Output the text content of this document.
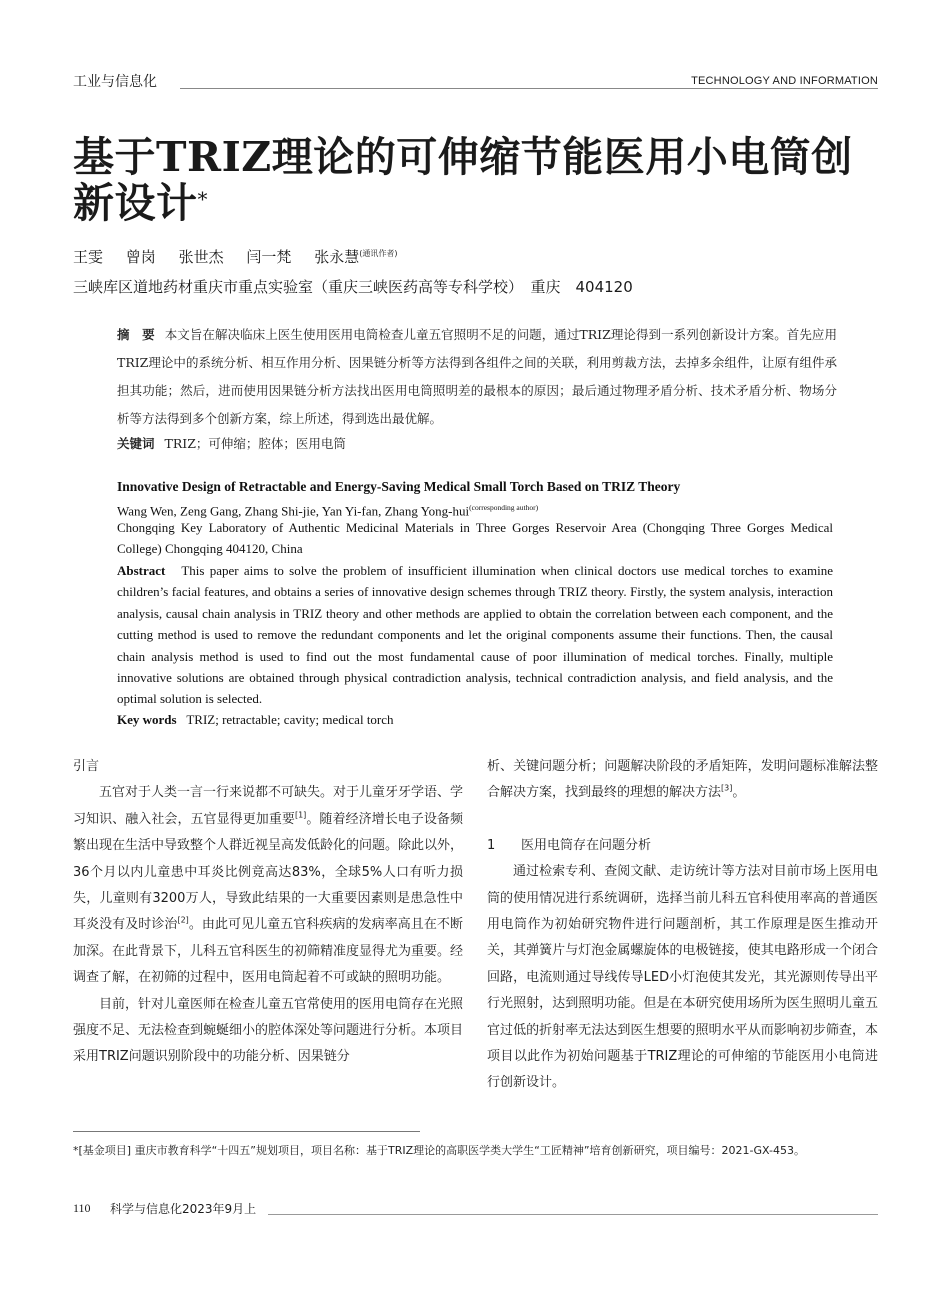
工业与信息化	TECHNOLOGY AND INFORMATION
基于TRIZ理论的可伸缩节能医用小电筒创新设计*
王雯 曾岗 张世杰 闫一梵 张永慧$^{(通讯作者)}$
三峡库区道地药材重庆市重点实验室（重庆三峡医药高等专科学校）　重庆　404120
摘　要 本文旨在解决临床上医生使用医用电筒检查儿童五官照明不足的问题，通过TRIZ理论得到一系列创新设计方案。首先应用TRIZ理论中的系统分析、相互作用分析、因果链分析等方法得到各组件之间的关联，利用剪裁方法，去掉多余组件，让原有组件承担其功能；然后，进而使用因果链分析方法找出医用电筒照明差的最根本的原因；最后通过物理矛盾分析、技术矛盾分析、物场分析等方法得到多个创新方案，综上所述，得到选出最优解。
关键词 TRIZ；可伸缩；腔体；医用电筒
Innovative Design of Retractable and Energy-Saving Medical Small Torch Based on TRIZ Theory
Wang Wen, Zeng Gang, Zhang Shi-jie, Yan Yi-fan, Zhang Yong-hui$^{(corresponding author)}$
Chongqing Key Laboratory of Authentic Medicinal Materials in Three Gorges Reservoir Area (Chongqing Three Gorges Medical College) Chongqing 404120, China
Abstract This paper aims to solve the problem of insufficient illumination when clinical doctors use medical torches to examine children’s facial features, and obtains a series of innovative design schemes through TRIZ theory. Firstly, the system analysis, interaction analysis, causal chain analysis in TRIZ theory and other methods are applied to obtain the correlation between each component, and the cutting method is used to remove the redundant components and let the original components assume their functions. Then, the causal chain analysis method is used to find out the most fundamental cause of poor illumination of medical torches. Finally, multiple innovative solutions are obtained through physical contradiction analysis, technical contradiction analysis, and field analysis, and the optimal solution is selected.
Key words TRIZ; retractable; cavity; medical torch
引言

五官对于人类一言一行来说都不可缺失。对于儿童牙牙学语、学习知识、融入社会，五官显得更加重要[1]。随着经济增长电子设备频繁出现在生活中导致整个人群近视呈高发低龄化的问题。除此以外，36个月以内儿童患中耳炎比例竟高达83%，全球5%人口有听力损失，儿童则有3200万人，导致此结果的一大重要因素则是患急性中耳炎没有及时诊治[2]。由此可见儿童五官科疾病的发病率高且在不断加深。在此背景下，儿科五官科医生的初筛精准度显得尤为重要。经调查了解，在初筛的过程中，医用电筒起着不可或缺的照明功能。

目前，针对儿童医师在检查儿童五官常使用的医用电筒存在光照强度不足、无法检查到蜿蜒细小的腔体深处等问题进行分析。本项目采用TRIZ问题识别阶段中的功能分析、因果链分

析、关键问题分析；问题解决阶段的矛盾矩阵，发明问题标准解法整合解决方案，找到最终的理想的解决方法[3]。

1 医用电筒存在问题分析

通过检索专利、查阅文献、走访统计等方法对目前市场上医用电筒的使用情况进行系统调研，选择当前儿科五官科使用率高的普通医用电筒作为初始研究物件进行问题剖析，其工作原理是医生推动开关，其弹簧片与灯泡金属螺旋体的电极链接，使其电路形成一个闭合回路，电流则通过导线传导LED小灯泡使其发光，其光源则传导出平行光照射，达到照明功能。但是在本研究使用场所为医生照明儿童五官过低的折射率无法达到医生想要的照明水平从而影响初步筛查，本项目以此作为初始问题基于TRIZ理论的可伸缩的节能医用小电筒进行创新设计。

*[基金项目] 重庆市教育科学“十四五”规划项目，项目名称：基于TRIZ理论的高职医学类大学生“工匠精神”培育创新研究，项目编号：2021-GX-453。
110 科学与信息化2023年9月上
